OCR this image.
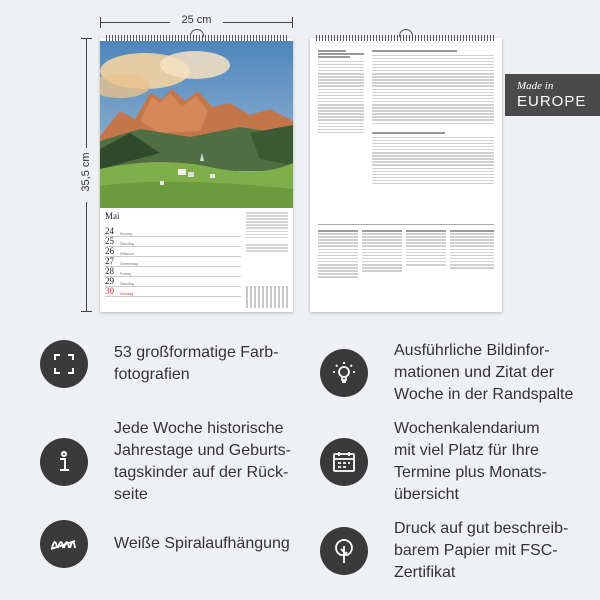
25 cm
35,5 cm
Mai

24	Montag
25	Dienstag
26	Mittwoch
27	Donnerstag
28	Freitag
29	Samstag
30	Sonntag
Made in
EUROPE
53 großformatige Farb-
fotografien
Ausführliche Bildinfor-
mationen und Zitat der
Woche in der Randspalte
Jede Woche historische
Jahrestage und Geburts-
tagskinder auf der Rück-
seite
Wochenkalendarium
mit viel Platz für Ihre
Termine plus Monats-
übersicht
Weiße Spiralaufhängung
Druck auf gut beschreib-
barem Papier mit FSC-
Zertifikat
